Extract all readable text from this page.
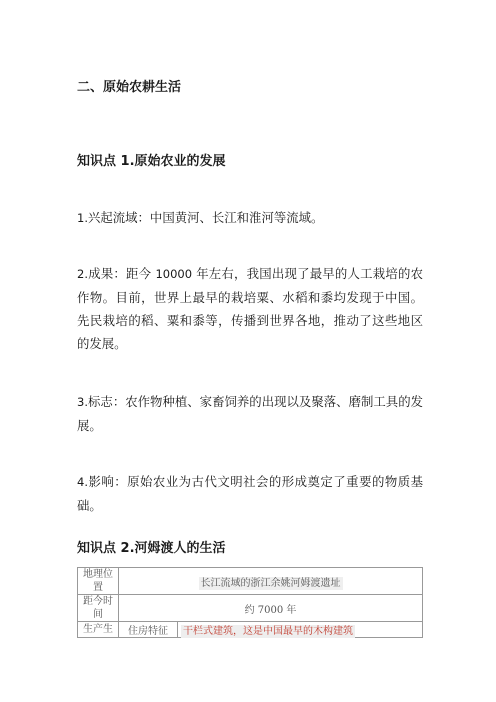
二、原始农耕生活
知识点 1.原始农业的发展
1.兴起流域：中国黄河、长江和淮河等流域。
2.成果：距今 10000 年左右，我国出现了最早的人工栽培的农作物。目前，世界上最早的栽培粟、水稻和黍均发现于中国。先民栽培的稻、粟和黍等，传播到世界各地，推动了这些地区的发展。
3.标志：农作物种植、家畜饲养的出现以及聚落、磨制工具的发展。
4.影响：原始农业为古代文明社会的形成奠定了重要的物质基础。
知识点 2.河姆渡人的生活
地理位置	长江流域的浙江余姚河姆渡遗址	
距今时间	约 7000 年	
生产生	住房特征	干栏式建筑，这是中国最早的木构建筑
